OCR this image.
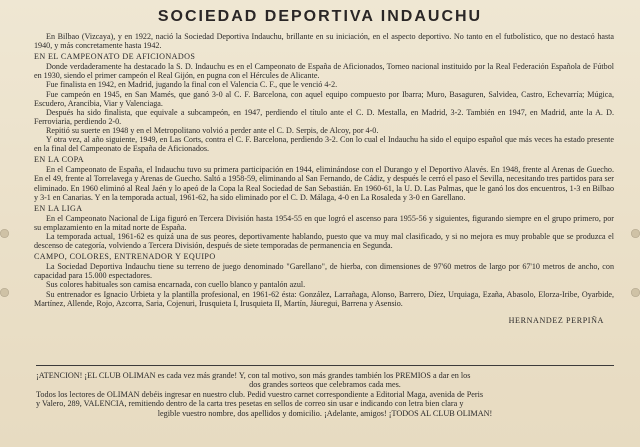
SOCIEDAD DEPORTIVA INDAUCHU

En Bilbao (Vizcaya), y en 1922, nació la Sociedad Deportiva Indauchu, brillante en su iniciación, en el aspecto deportivo. No tanto en el futbolístico, que no destacó hasta 1940, y más concretamente hasta 1942.

EN EL CAMPEONATO DE AFICIONADOS

Donde verdaderamente ha destacado la S. D. Indauchu es en el Campeonato de España de Aficionados, Torneo nacional instituido por la Real Federación Española de Fútbol en 1930, siendo el primer campeón el Real Gijón, en pugna con el Hércules de Alicante.

Fue finalista en 1942, en Madrid, jugando la final con el Valencia C. F., que le venció 4-2.

Fue campeón en 1945, en San Mamés, que ganó 3-0 al C. F. Barcelona, con aquel equipo compuesto por Ibarra; Muro, Basaguren, Salvidea, Castro, Echevarría; Múgica, Escudero, Arancibia, Viar y Valenciaga.

Después ha sido finalista, que equivale a subcampeón, en 1947, perdiendo el título ante el C. D. Mestalla, en Madrid, 3-2. También en 1947, en Madrid, ante la A. D. Ferroviaria, perdiendo 2-0.

Repitió su suerte en 1948 y en el Metropolitano volvió a perder ante el C. D. Serpis, de Alcoy, por 4-0.

Y otra vez, al año siguiente, 1949, en Las Corts, contra el C. F. Barcelona, perdiendo 3-2. Con lo cual el Indauchu ha sido el equipo español que más veces ha estado presente en la final del Campeonato de España de Aficionados.

EN LA COPA

En el Campeonato de España, el Indauchu tuvo su primera participación en 1944, eliminándose con el Durango y el Deportivo Alavés. En 1948, frente al Arenas de Guecho. En el 49, frente al Torrelavega y Arenas de Guecho. Saltó a 1958-59, eliminando al San Fernando, de Cádiz, y después le cerró el paso el Sevilla, necesitando tres partidos para ser eliminado. En 1960 eliminó al Real Jaén y lo apeó de la Copa la Real Sociedad de San Sebastián. En 1960-61, la U. D. Las Palmas, que le ganó los dos encuentros, 1-3 en Bilbao y 3-1 en Canarias. Y en la temporada actual, 1961-62, ha sido eliminado por el C. D. Málaga, 4-0 en La Rosaleda y 3-0 en Garellano.

EN LA LIGA

En el Campeonato Nacional de Liga figuró en Tercera División hasta 1954-55 en que logró el ascenso para 1955-56 y siguientes, figurando siempre en el grupo primero, por su emplazamiento en la mitad norte de España.

La temporada actual, 1961-62 es quizá una de sus peores, deportivamente hablando, puesto que va muy mal clasificado, y si no mejora es muy probable que se produzca el descenso de categoría, volviendo a Tercera División, después de siete temporadas de permanencia en Segunda.

CAMPO, COLORES, ENTRENADOR Y EQUIPO

La Sociedad Deportiva Indauchu tiene su terreno de juego denominado "Garellano", de hierba, con dimensiones de 97'60 metros de largo por 67'10 metros de ancho, con capacidad para 15.000 espectadores.

Sus colores habituales son camisa encarnada, con cuello blanco y pantalón azul.

Su entrenador es Ignacio Urbieta y la plantilla profesional, en 1961-62 ésta: González, Larrañaga, Alonso, Barrero, Díez, Urquiaga, Ezaña, Abasolo, Elorza-Iribe, Oyarbide, Martínez, Allende, Rojo, Azcorra, Saria, Cojenuri, Irusquieta I, Irusquieta II, Martín, Jáuregui, Barrena y Asensio.

HERNANDEZ PERPIÑA

¡ATENCION! ¡EL CLUB OLIMAN es cada vez más grande! Y, con tal motivo, son más grandes también los PREMIOS a dar en los

dos grandes sorteos que celebramos cada mes.

Todos los lectores de OLIMAN debéis ingresar en nuestro club. Pedid vuestro carnet correspondiente a Editorial Maga, avenida de Peris

y Valero, 289, VALENCIA, remitiendo dentro de la carta tres pesetas en sellos de correo sin usar e indicando con letra bien clara y

legible vuestro nombre, dos apellidos y domicilio. ¡Adelante, amigos! ¡TODOS AL CLUB OLIMAN!
